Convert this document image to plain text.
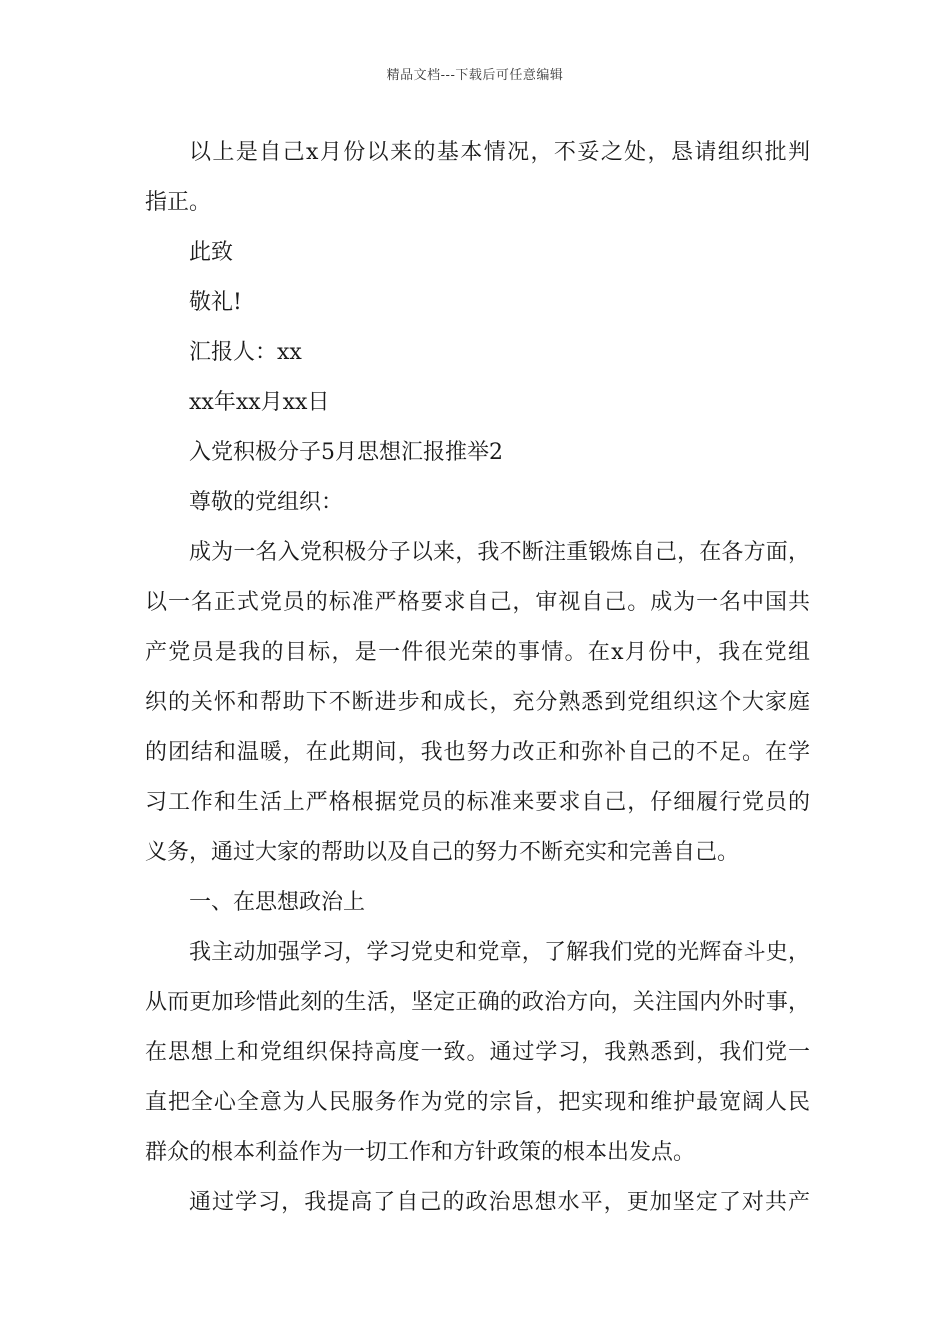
精品文档---下载后可任意编辑
以上是自己x月份以来的基本情况，不妥之处，恳请组织批判
指正。
此致
敬礼!
汇报人：xx
xx年xx月xx日
入党积极分子5月思想汇报推举2
尊敬的党组织：
成为一名入党积极分子以来，我不断注重锻炼自己，在各方面，
以一名正式党员的标准严格要求自己，审视自己。成为一名中国共
产党员是我的目标，是一件很光荣的事情。在x月份中，我在党组
织的关怀和帮助下不断进步和成长，充分熟悉到党组织这个大家庭
的团结和温暖，在此期间，我也努力改正和弥补自己的不足。在学
习工作和生活上严格根据党员的标准来要求自己，仔细履行党员的
义务，通过大家的帮助以及自己的努力不断充实和完善自己。
一、在思想政治上
我主动加强学习，学习党史和党章，了解我们党的光辉奋斗史，
从而更加珍惜此刻的生活，坚定正确的政治方向，关注国内外时事，
在思想上和党组织保持高度一致。通过学习，我熟悉到，我们党一
直把全心全意为人民服务作为党的宗旨，把实现和维护最宽阔人民
群众的根本利益作为一切工作和方针政策的根本出发点。
通过学习，我提高了自己的政治思想水平，更加坚定了对共产
